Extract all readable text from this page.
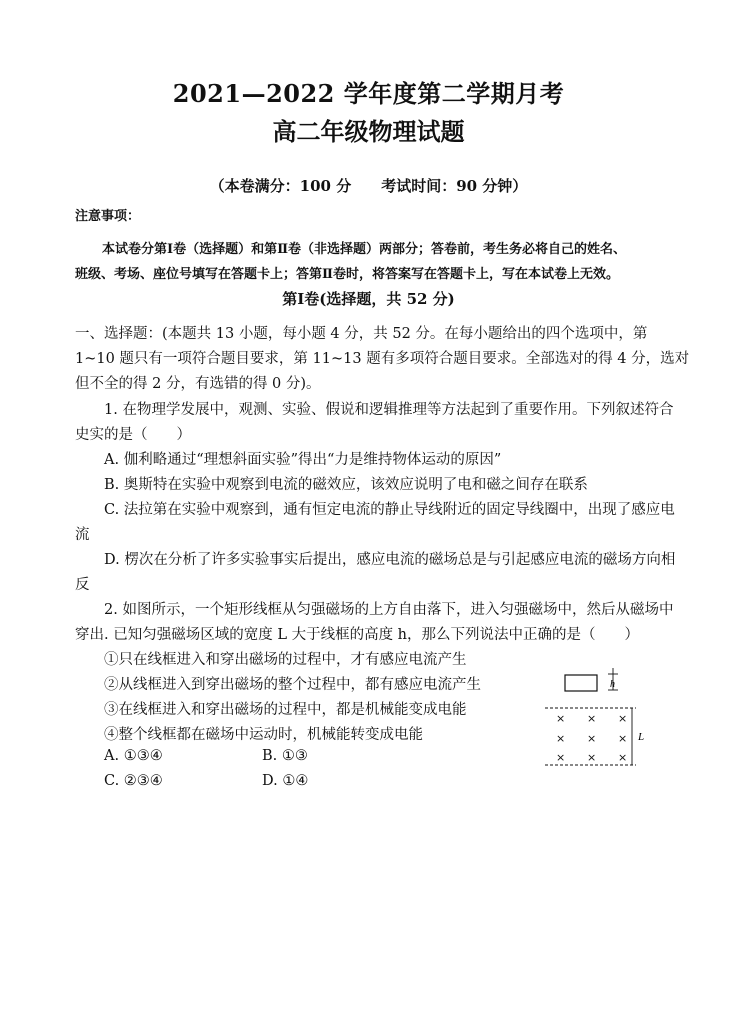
2021—2022 学年度第二学期月考
高二年级物理试题
（本卷满分：100 分　　考试时间：90 分钟）
注意事项：
本试卷分第Ⅰ卷（选择题）和第Ⅱ卷（非选择题）两部分；答卷前，考生务必将自己的姓名、
班级、考场、座位号填写在答题卡上；答第Ⅱ卷时，将答案写在答题卡上，写在本试卷上无效。
第Ⅰ卷(选择题，共 52 分)
一、选择题：(本题共 13 小题，每小题 4 分，共 52 分。在每小题给出的四个选项中，第
1~10 题只有一项符合题目要求，第 11~13 题有多项符合题目要求。全部选对的得 4 分，选对
但不全的得 2 分，有选错的得 0 分)。
1. 在物理学发展中，观测、实验、假说和逻辑推理等方法起到了重要作用。下列叙述符合
史实的是（　　）
A. 伽利略通过“理想斜面实验”得出“力是维持物体运动的原因”
B. 奥斯特在实验中观察到电流的磁效应，该效应说明了电和磁之间存在联系
C. 法拉第在实验中观察到，通有恒定电流的静止导线附近的固定导线圈中，出现了感应电
流
D. 楞次在分析了许多实验事实后提出，感应电流的磁场总是与引起感应电流的磁场方向相
反
2. 如图所示，一个矩形线框从匀强磁场的上方自由落下，进入匀强磁场中，然后从磁场中
穿出. 已知匀强磁场区域的宽度 L 大于线框的高度 h，那么下列说法中正确的是（　　）
①只在线框进入和穿出磁场的过程中，才有感应电流产生
②从线框进入到穿出磁场的整个过程中，都有感应电流产生
③在线框进入和穿出磁场的过程中，都是机械能变成电能
④整个线框都在磁场中运动时，机械能转变成电能
A. ①③④	B. ①③
C. ②③④	D. ①④
h
L
× × ×
× × ×
× × ×
